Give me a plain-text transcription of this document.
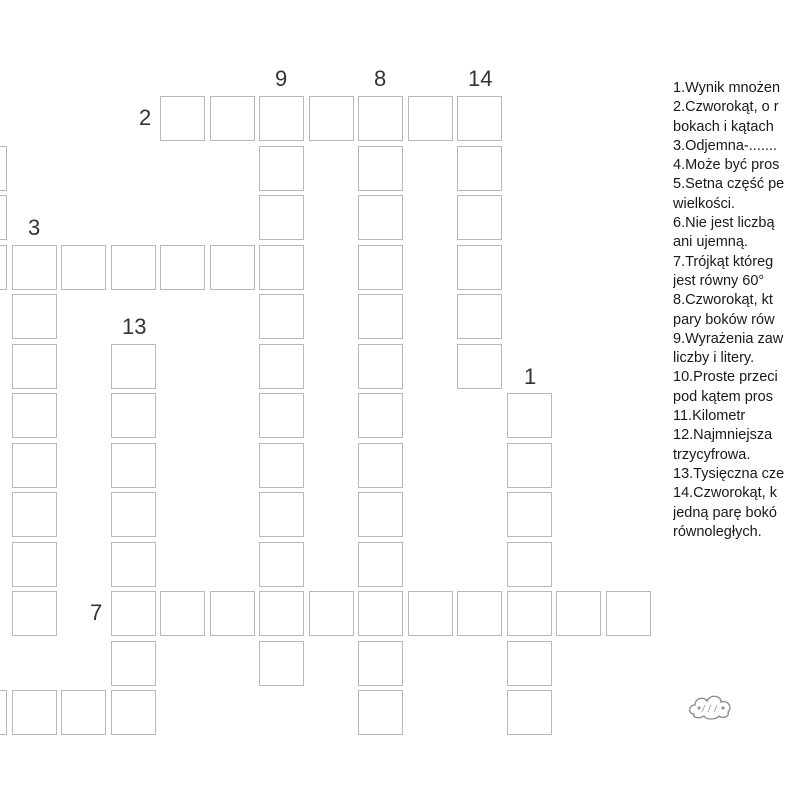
9	8	14
2
3
13
1
7
1.Wynik mnożen
2.Czworokąt, o r
bokach i kątach
3.Odjemna-.......
4.Może być pros
5.Setna część pe
wielkości.
6.Nie jest liczbą
ani ujemną.
7.Trójkąt któreg
jest równy 60°
8.Czworokąt, kt
pary boków rów
9.Wyrażenia zaw
liczby i litery.
10.Proste przeci
pod kątem pros
11.Kilometr
12.Najmniejsza
trzycyfrowa.
13.Tysięczna cze
14.Czworokąt, k
jedną parę bokó
równoległych.
